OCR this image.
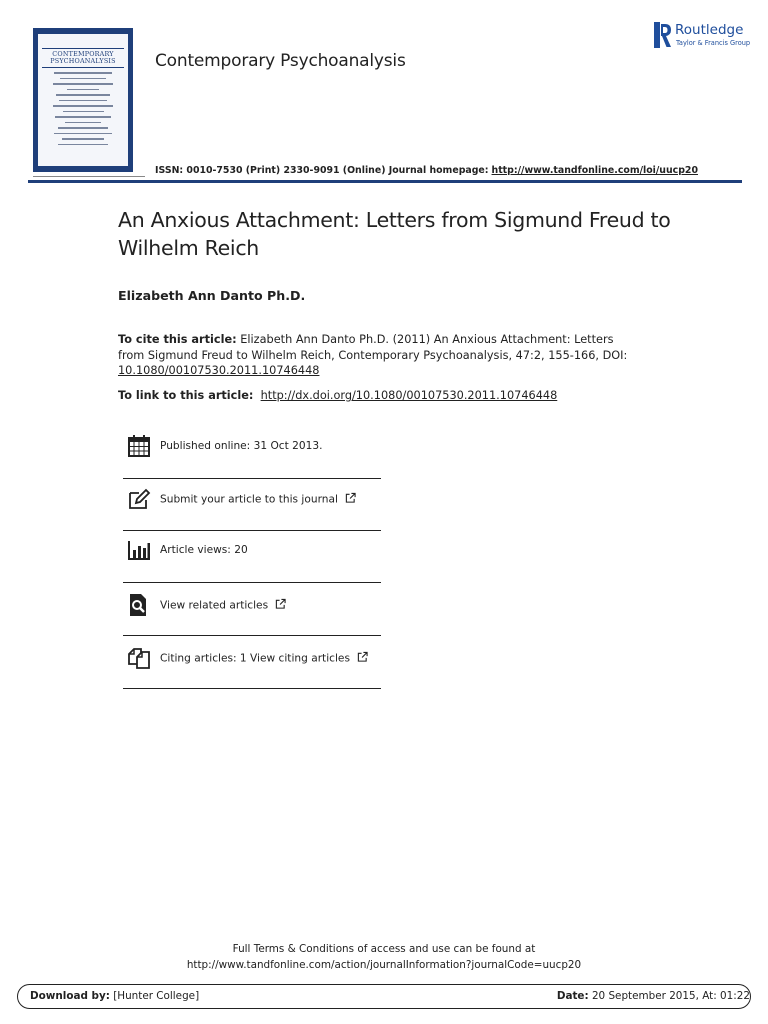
CONTEMPORARY
PSYCHOANALYSIS	Contemporary Psychoanalysis
Routledge
Taylor & Francis Group
ISSN: 0010-7530 (Print) 2330-9091 (Online) Journal homepage: http://www.tandfonline.com/loi/uucp20
An Anxious Attachment: Letters from Sigmund Freud to Wilhelm Reich
Elizabeth Ann Danto Ph.D.
To cite this article: Elizabeth Ann Danto Ph.D. (2011) An Anxious Attachment: Letters from Sigmund Freud to Wilhelm Reich, Contemporary Psychoanalysis, 47:2, 155-166, DOI: 10.1080/00107530.2011.10746448
To link to this article: http://dx.doi.org/10.1080/00107530.2011.10746448
Published online: 31 Oct 2013.
Submit your article to this journal
Article views: 20
View related articles
Citing articles: 1 View citing articles
Full Terms & Conditions of access and use can be found at
http://www.tandfonline.com/action/journalInformation?journalCode=uucp20
Download by: [Hunter College]	Date: 20 September 2015, At: 01:22
